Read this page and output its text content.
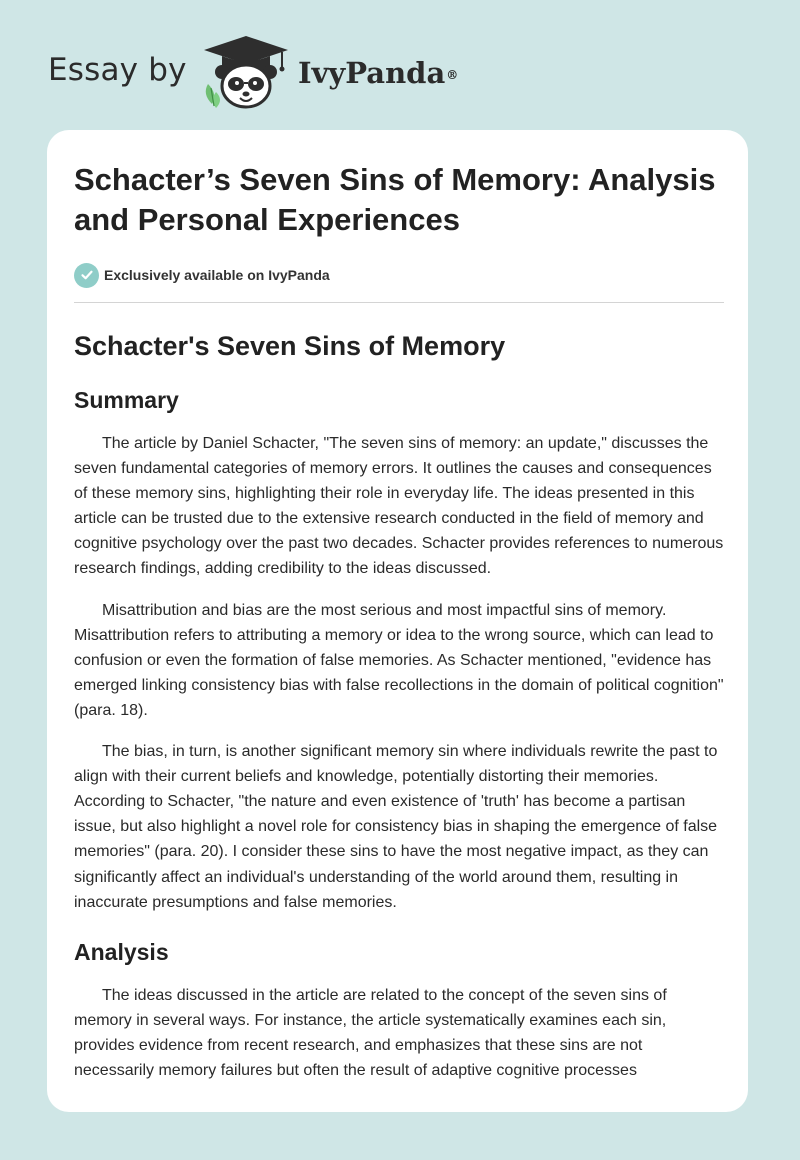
Essay by	IvyPanda®
Schacter’s Seven Sins of Memory: Analysis and Personal Experiences
Exclusively available on IvyPanda
Schacter's Seven Sins of Memory
Summary

The article by Daniel Schacter, "The seven sins of memory: an update," discusses the seven fundamental categories of memory errors. It outlines the causes and consequences of these memory sins, highlighting their role in everyday life. The ideas presented in this article can be trusted due to the extensive research conducted in the field of memory and cognitive psychology over the past two decades. Schacter provides references to numerous research findings, adding credibility to the ideas discussed.

Misattribution and bias are the most serious and most impactful sins of memory. Misattribution refers to attributing a memory or idea to the wrong source, which can lead to confusion or even the formation of false memories. As Schacter mentioned, "evidence has emerged linking consistency bias with false recollections in the domain of political cognition" (para. 18).

The bias, in turn, is another significant memory sin where individuals rewrite the past to align with their current beliefs and knowledge, potentially distorting their memories. According to Schacter, "the nature and even existence of 'truth' has become a partisan issue, but also highlight a novel role for consistency bias in shaping the emergence of false memories" (para. 20). I consider these sins to have the most negative impact, as they can significantly affect an individual's understanding of the world around them, resulting in inaccurate presumptions and false memories.

Analysis

The ideas discussed in the article are related to the concept of the seven sins of memory in several ways. For instance, the article systematically examines each sin, provides evidence from recent research, and emphasizes that these sins are not necessarily memory failures but often the result of adaptive cognitive processes
